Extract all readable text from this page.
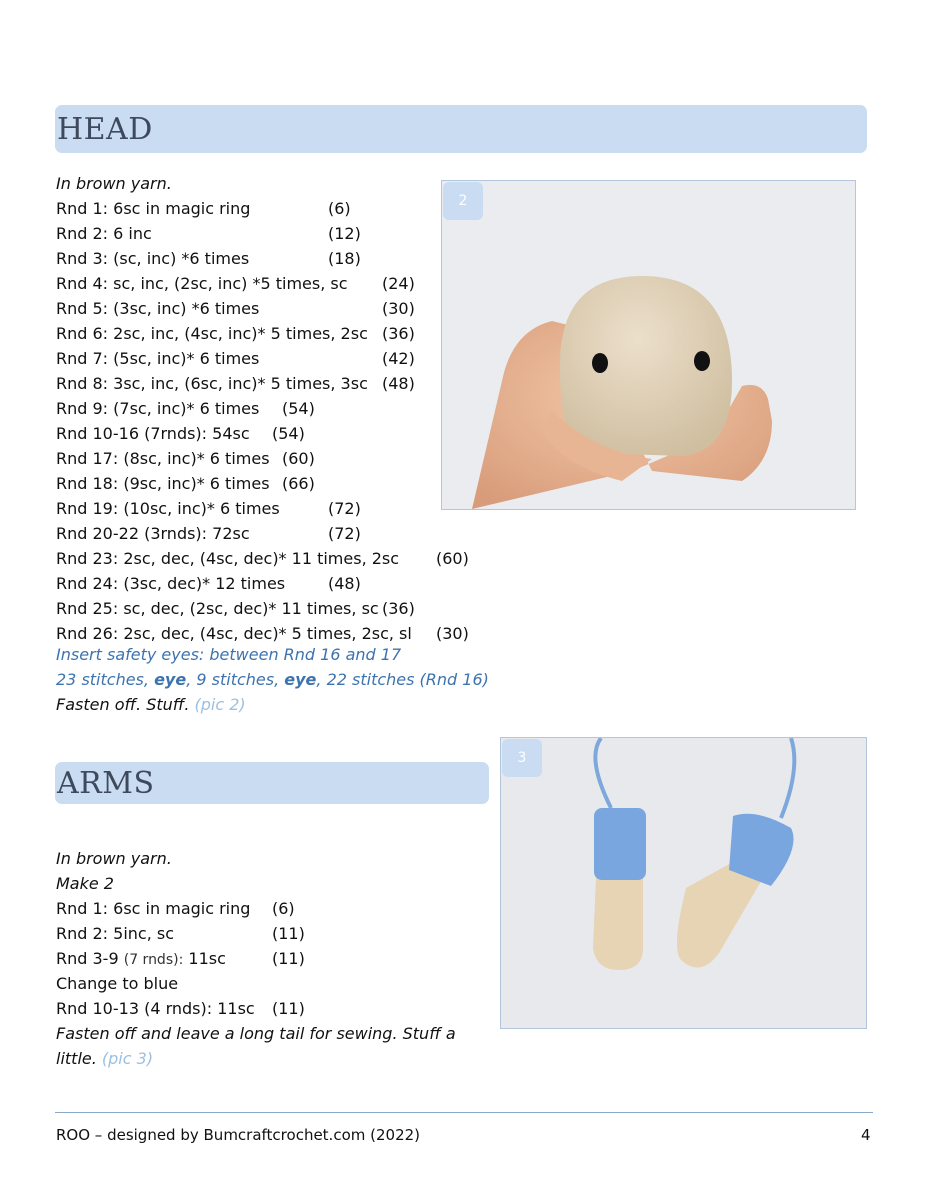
HEAD
In brown yarn.
Rnd 1: 6sc in magic ring	(6)
Rnd 2: 6 inc	(12)
Rnd 3: (sc, inc) *6 times	(18)
Rnd 4: sc, inc, (2sc, inc) *5 times, sc (24)
Rnd 5: (3sc, inc) *6 times	(30)
Rnd 6: 2sc, inc, (4sc, inc)* 5 times, 2sc (36)
Rnd 7: (5sc, inc)* 6 times	(42)
Rnd 8: 3sc, inc, (6sc, inc)* 5 times, 3sc (48)
Rnd 9: (7sc, inc)* 6 times (54)
Rnd 10-16 (7rnds): 54sc (54)
Rnd 17: (8sc, inc)* 6 times (60)
Rnd 18: (9sc, inc)* 6 times (66)
Rnd 19: (10sc, inc)* 6 times	(72)
Rnd 20-22 (3rnds): 72sc	(72)
Rnd 23: 2sc, dec, (4sc, dec)* 11 times, 2sc (60)
Rnd 24: (3sc, dec)* 12 times	(48)
Rnd 25: sc, dec, (2sc, dec)* 11 times, sc (36)
Rnd 26: 2sc, dec, (4sc, dec)* 5 times, 2sc, sl (30)
Insert safety eyes: between Rnd 16 and 17
23 stitches, eye, 9 stitches, eye, 22 stitches (Rnd 16)
Fasten off. Stuff. (pic 2)
2
ARMS
In brown yarn.
Make 2
Rnd 1: 6sc in magic ring (6)
Rnd 2: 5inc, sc	(11)
Rnd 3-9 (7 rnds): 11sc	(11)
Change to blue
Rnd 10-13 (4 rnds): 11sc (11)
Fasten off and leave a long tail for sewing. Stuff a
little. (pic 3)
3
ROO – designed by Bumcraftcrochet.com (2022)	4
